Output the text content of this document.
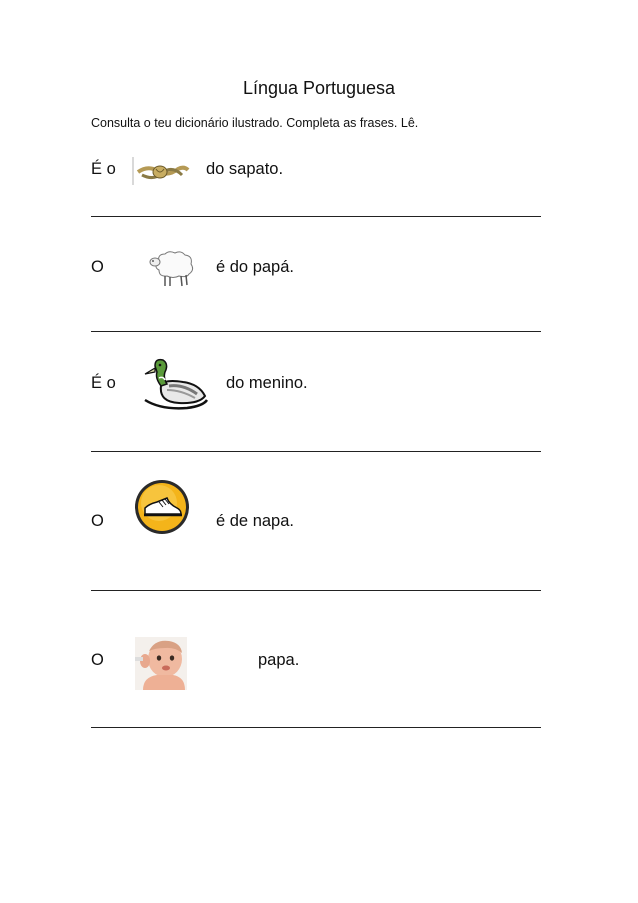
Língua Portuguesa
Consulta o teu dicionário ilustrado. Completa as frases. Lê.
É o	do sapato.
O	é do papá.
É o	do menino.
O	é de napa.
O	papa.
